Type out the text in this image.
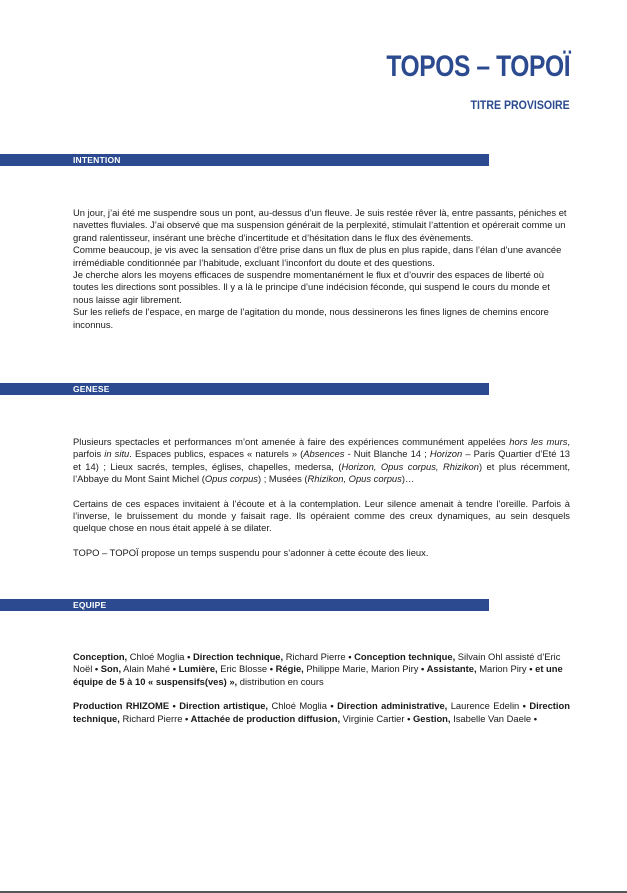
TOPOS – TOPOÏ
TITRE PROVISOIRE
INTENTION

Un jour, j’ai été me suspendre sous un pont, au-dessus d’un fleuve. Je suis restée rêver là, entre passants, péniches et navettes fluviales. J’ai observé que ma suspension générait de la perplexité, stimulait l’attention et opérerait comme un grand ralentisseur, insérant une brèche d’incertitude et d’hésitation dans le flux des évènements.

Comme beaucoup, je vis avec la sensation d’être prise dans un flux de plus en plus rapide, dans l’élan d’une avancée irrémédiable conditionnée par l’habitude, excluant l’inconfort du doute et des questions.

Je cherche alors les moyens efficaces de suspendre momentanément le flux et d’ouvrir des espaces de liberté où toutes les directions sont possibles. Il y a là le principe d’une indécision féconde, qui suspend le cours du monde et nous laisse agir librement.

Sur les reliefs de l’espace, en marge de l’agitation du monde, nous dessinerons les fines lignes de chemins encore inconnus.

GENESE

Plusieurs spectacles et performances m’ont amenée à faire des expériences communément appelées hors les murs, parfois in situ. Espaces publics, espaces « naturels » (Absences - Nuit Blanche 14 ; Horizon – Paris Quartier d’Eté 13 et 14) ; Lieux sacrés, temples, églises, chapelles, medersa, (Horizon, Opus corpus, Rhizikon) et plus récemment, l’Abbaye du Mont Saint Michel (Opus corpus) ; Musées (Rhizikon, Opus corpus)…

Certains de ces espaces invitaient à l’écoute et à la contemplation. Leur silence amenait à tendre l’oreille. Parfois à l’inverse, le bruissement du monde y faisait rage. Ils opéraient comme des creux dynamiques, au sein desquels quelque chose en nous était appelé à se dilater.

TOPO – TOPOÏ propose un temps suspendu pour s’adonner à cette écoute des lieux.

EQUIPE

Conception, Chloé Moglia • Direction technique, Richard Pierre • Conception technique, Silvain Ohl assisté d’Eric Noël • Son, Alain Mahé • Lumière, Eric Blosse • Régie, Philippe Marie, Marion Piry • Assistante, Marion Piry • et une équipe de 5 à 10 « suspensifs(ves) », distribution en cours

Production RHIZOME • Direction artistique, Chloé Moglia • Direction administrative, Laurence Edelin • Direction technique, Richard Pierre • Attachée de production diffusion, Virginie Cartier • Gestion, Isabelle Van Daele •
